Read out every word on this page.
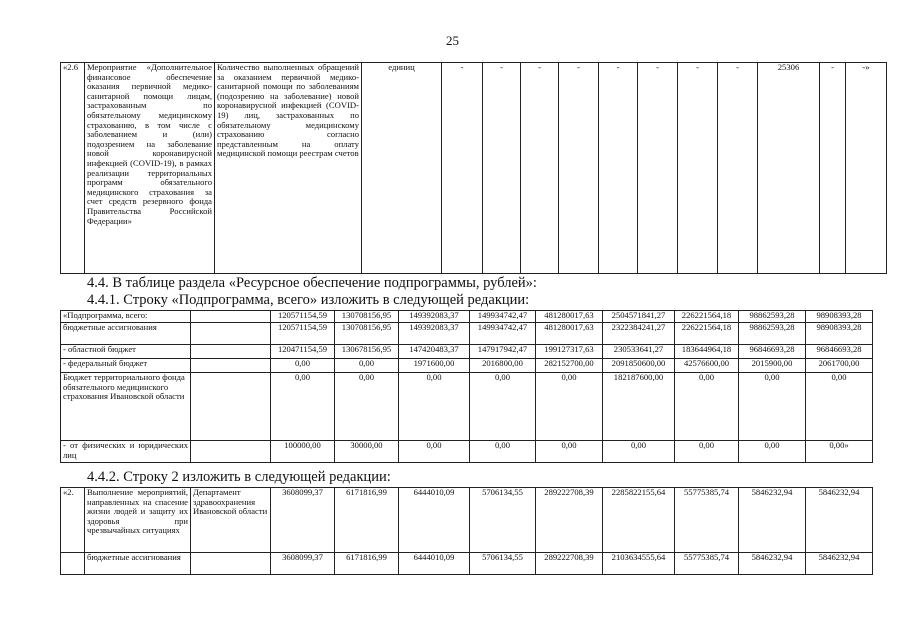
25
«2.6	Мероприятие «Дополнительное финансовое обеспечение оказания первичной медико-санитарной помощи лицам, застрахованным по обязательному медицинскому страхованию, в том числе с заболеванием и (или) подозрением на заболевание новой коронавирусной инфекцией (COVID-19), в рамках реализации территориальных программ обязательного медицинского страхования за счет средств резервного фонда Правительства Российской Федерации»	Количество выполненных обращений за оказанием первичной медико-санитарной помощи по заболеваниям (подозрению на заболевание) новой коронавирусной инфекцией (COVID-19) лиц, застрахованных по обязательному медицинскому страхованию согласно представленным на оплату медицинской помощи реестрам счетов	единиц	-	-	-	-	-	-	-	-	25306	-	-»
4.4. В таблице раздела «Ресурсное обеспечение подпрограммы, рублей»:
4.4.1. Строку «Подпрограмма, всего» изложить в следующей редакции:
«Подпрограмма, всего:		120571154,59	130708156,95	149392083,37	149934742,47	481280017,63	2504571841,27	226221564,18	98862593,28	98908393,28
бюджетные ассигнования		120571154,59	130708156,95	149392083,37	149934742,47	481280017,63	2322384241,27	226221564,18	98862593,28	98908393,28
- областной бюджет		120471154,59	130678156,95	147420483,37	147917942,47	199127317,63	230533641,27	183644964,18	96846693,28	96846693,28
- федеральный бюджет		0,00	0,00	1971600,00	2016800,00	282152700,00	2091850600,00	42576600,00	2015900,00	2061700,00
Бюджет территориального фонда обязательного медицинского страхования Ивановской области		0,00	0,00	0,00	0,00	0,00	182187600,00	0,00	0,00	0,00
- от физических и юридических лиц		100000,00	30000,00	0,00	0,00	0,00	0,00	0,00	0,00	0,00»
4.4.2. Строку 2 изложить в следующей редакции:
«2.	Выполнение мероприятий, направленных на спасение жизни людей и защиту их здоровья при чрезвычайных ситуациях	Департамент здравоохранения Ивановской области	3608099,37	6171816,99	6444010,09	5706134,55	289222708,39	2285822155,64	55775385,74	5846232,94	5846232,94
	бюджетные ассигнования		3608099,37	6171816,99	6444010,09	5706134,55	289222708,39	2103634555,64	55775385,74	5846232,94	5846232,94
